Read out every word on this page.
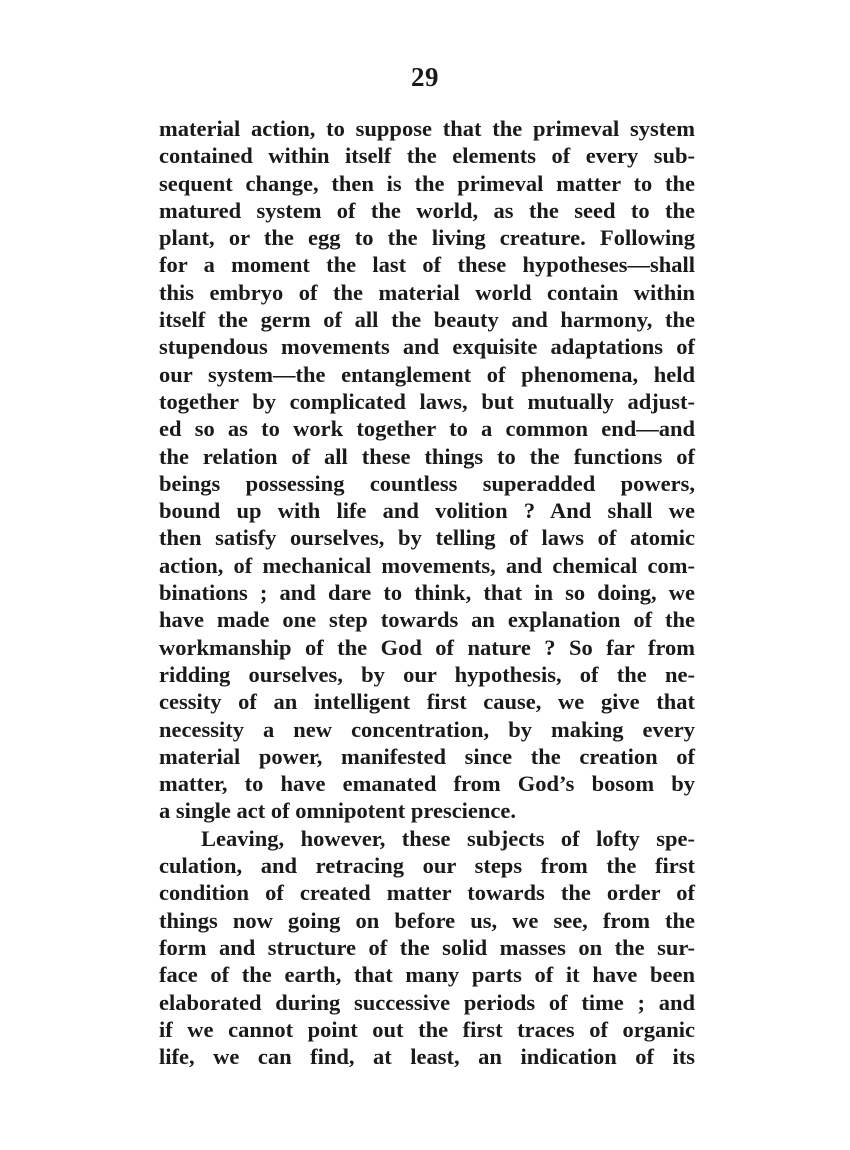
29
material action, to suppose that the primeval system
contained within itself the elements of every sub-
sequent change, then is the primeval matter to the
matured system of the world, as the seed to the
plant, or the egg to the living creature. Following
for a moment the last of these hypotheses—shall
this embryo of the material world contain within
itself the germ of all the beauty and harmony, the
stupendous movements and exquisite adaptations of
our system—the entanglement of phenomena, held
together by complicated laws, but mutually adjust-
ed so as to work together to a common end—and
the relation of all these things to the functions of
beings possessing countless superadded powers,
bound up with life and volition ? And shall we
then satisfy ourselves, by telling of laws of atomic
action, of mechanical movements, and chemical com-
binations ; and dare to think, that in so doing, we
have made one step towards an explanation of the
workmanship of the God of nature ? So far from
ridding ourselves, by our hypothesis, of the ne-
cessity of an intelligent first cause, we give that
necessity a new concentration, by making every
material power, manifested since the creation of
matter, to have emanated from God’s bosom by
a single act of omnipotent prescience.
Leaving, however, these subjects of lofty spe-
culation, and retracing our steps from the first
condition of created matter towards the order of
things now going on before us, we see, from the
form and structure of the solid masses on the sur-
face of the earth, that many parts of it have been
elaborated during successive periods of time ; and
if we cannot point out the first traces of organic
life, we can find, at least, an indication of its
